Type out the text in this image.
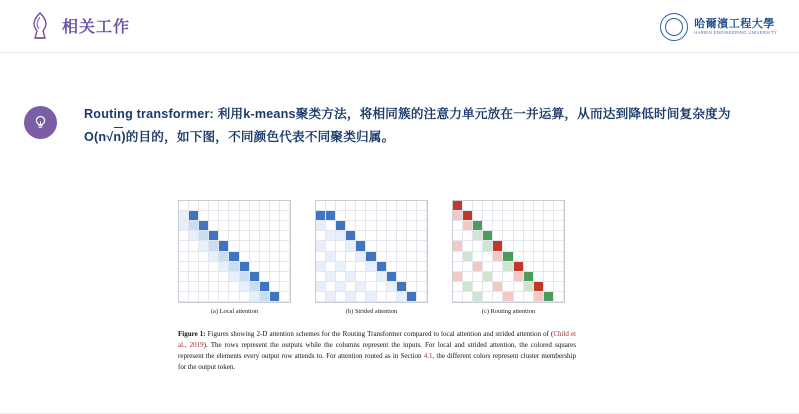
相关工作	哈爾濱工程大學
HARBIN ENGINEERING UNIVERSITY
Routing transformer: 利用k-means聚类方法，将相同簇的注意力单元放在一并运算，从而达到降低时间复杂度为O(n√
n)的目的，如下图，不同颜色代表不同聚类归属。
(a) Local attention	(b) Strided attention	(c) Routing attention
Figure 1: Figures showing 2-D attention schemes for the Routing Transformer compared to local attention and strided attention of (Child et al., 2019). The rows represent the outputs while the columns represent the inputs. For local and strided attention, the colored squares represent the elements every output row attends to. For attention routed as in Section 4.1, the different colors represent cluster membership for the output token.
